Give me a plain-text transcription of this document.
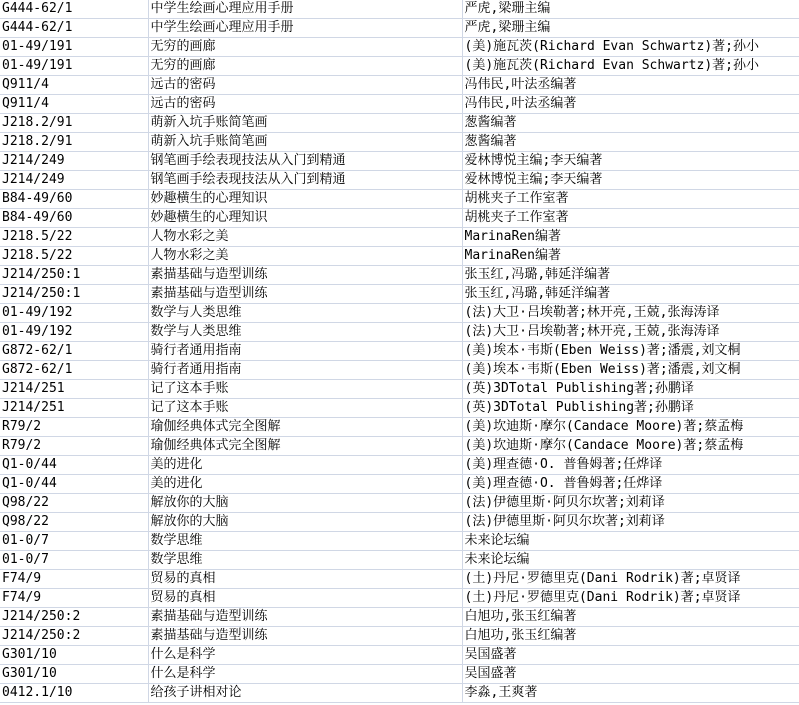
G444-62/1	中学生绘画心理应用手册	严虎,梁珊主编
G444-62/1	中学生绘画心理应用手册	严虎,梁珊主编
01-49/191	无穷的画廊	(美)施瓦茨(Richard Evan Schwartz)著;孙小
01-49/191	无穷的画廊	(美)施瓦茨(Richard Evan Schwartz)著;孙小
Q911/4	远古的密码	冯伟民,叶法丞编著
Q911/4	远古的密码	冯伟民,叶法丞编著
J218.2/91	萌新入坑手账简笔画	葱酱编著
J218.2/91	萌新入坑手账简笔画	葱酱编著
J214/249	钢笔画手绘表现技法从入门到精通	爱林博悦主编;李天编著
J214/249	钢笔画手绘表现技法从入门到精通	爱林博悦主编;李天编著
B84-49/60	妙趣横生的心理知识	胡桃夹子工作室著
B84-49/60	妙趣横生的心理知识	胡桃夹子工作室著
J218.5/22	人物水彩之美	MarinaRen编著
J218.5/22	人物水彩之美	MarinaRen编著
J214/250:1	素描基础与造型训练	张玉红,冯璐,韩延洋编著
J214/250:1	素描基础与造型训练	张玉红,冯璐,韩延洋编著
01-49/192	数学与人类思维	(法)大卫·吕埃勒著;林开亮,王兢,张海涛译
01-49/192	数学与人类思维	(法)大卫·吕埃勒著;林开亮,王兢,张海涛译
G872-62/1	骑行者通用指南	(美)埃本·韦斯(Eben Weiss)著;潘震,刘文桐
G872-62/1	骑行者通用指南	(美)埃本·韦斯(Eben Weiss)著;潘震,刘文桐
J214/251	记了这本手账	(英)3DTotal Publishing著;孙鹏译
J214/251	记了这本手账	(英)3DTotal Publishing著;孙鹏译
R79/2	瑜伽经典体式完全图解	(美)坎迪斯·摩尔(Candace Moore)著;蔡孟梅
R79/2	瑜伽经典体式完全图解	(美)坎迪斯·摩尔(Candace Moore)著;蔡孟梅
Q1-0/44	美的进化	(美)理查德·O. 普鲁姆著;任烨译
Q1-0/44	美的进化	(美)理查德·O. 普鲁姆著;任烨译
Q98/22	解放你的大脑	(法)伊德里斯·阿贝尔坎著;刘莉译
Q98/22	解放你的大脑	(法)伊德里斯·阿贝尔坎著;刘莉译
01-0/7	数学思维	未来论坛编
01-0/7	数学思维	未来论坛编
F74/9	贸易的真相	(土)丹尼·罗德里克(Dani Rodrik)著;卓贤译
F74/9	贸易的真相	(土)丹尼·罗德里克(Dani Rodrik)著;卓贤译
J214/250:2	素描基础与造型训练	白旭功,张玉红编著
J214/250:2	素描基础与造型训练	白旭功,张玉红编著
G301/10	什么是科学	吴国盛著
G301/10	什么是科学	吴国盛著
0412.1/10	给孩子讲相对论	李淼,王爽著
